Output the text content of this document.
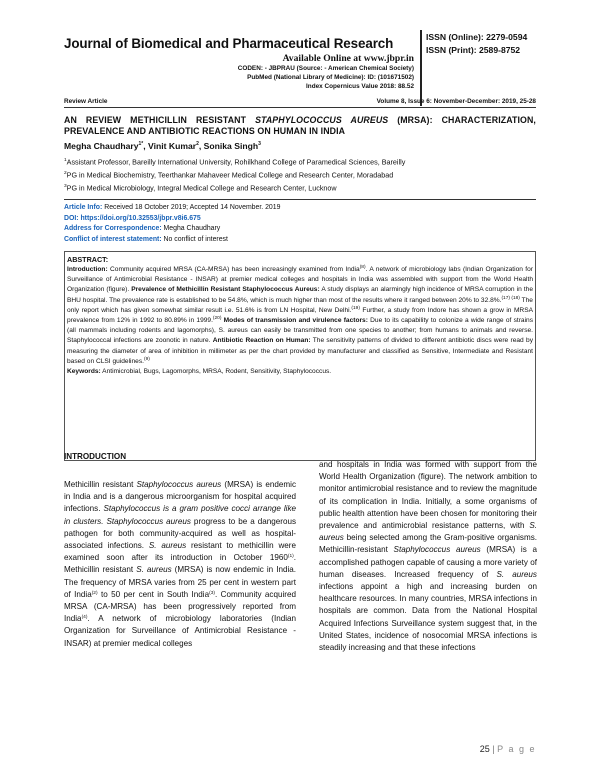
Journal of Biomedical and Pharmaceutical Research
Available Online at www.jbpr.in
CODEN: - JBPRAU (Source: - American Chemical Society)
PubMed (National Library of Medicine): ID: (101671502)
Index Copernicus Value 2018: 88.52
ISSN (Online): 2279-0594
ISSN (Print): 2589-8752
Review Article	Volume 8, Issue 6: November-December: 2019, 25-28
AN REVIEW METHICILLIN RESISTANT STAPHYLOCOCCUS AUREUS (MRSA): CHARACTERIZATION, PREVALENCE AND ANTIBIOTIC REACTIONS ON HUMAN IN INDIA
Megha Chaudhary$^{1*}$, Vinit Kumar$^2$, Sonika Singh$^3$
$^1$Assistant Professor, Bareilly International University, Rohilkhand College of Paramedical Sciences, Bareilly
$^2$PG in Medical Biochemistry, Teerthankar Mahaveer Medical College and Research Center, Moradabad
$^3$PG in Medical Microbiology, Integral Medical College and Research Center, Lucknow
Article Info: Received 18 October 2019; Accepted 14 November. 2019
DOI: https://doi.org/10.32553/jbpr.v8i6.675
Address for Correspondence: Megha Chaudhary
Conflict of interest statement: No conflict of interest
ABSTRACT:
Introduction: Community acquired MRSA (CA-MRSA) has been increasingly examined from India$^{(8)}$. A network of microbiology labs (Indian Organization for Surveillance of Antimicrobial Resistance - INSAR) at premier medical colleges and hospitals in India was assembled with support from the World Health Organization (figure). Prevalence of Methicillin Resistant Staphylococcus Aureus: A study displays an alarmingly high incidence of MRSA corruption in the BHU hospital. The prevalence rate is established to be 54.8%, which is much higher than most of the results where it ranged between 20% to 32.8%.$^{(17) (18)}$ The only report which has given somewhat similar result i.e. 51.6% is from LN Hospital, New Delhi.$^{(19)}$ Further, a study from Indore has shown a grow in MRSA prevalence from 12% in 1992 to 80.89% in 1999.$^{(20)}$ Modes of transmission and virulence factors: Due to its capability to colonize a wide range of strains (all mammals including rodents and lagomorphs), S. aureus can easily be transmitted from one species to another; from humans to animals and reverse. Staphylococcal infections are zoonotic in nature. Antibiotic Reaction on Human: The sensitivity patterns of divided to different antibiotic discs were read by measuring the diameter of area of inhibition in millimeter as per the chart provided by manufacturer and classified as Sensitive, Intermediate and Resistant based on CLSI guidelines.$^{(9)}$
Keywords: Antimicrobial, Bugs, Lagomorphs, MRSA, Rodent, Sensitivity, Staphylococcus.
INTRODUCTION

Methicillin resistant Staphylococcus aureus (MRSA) is endemic in India and is a dangerous microorganism for hospital acquired infections. Staphylococcus is a gram positive cocci arrange like in clusters. Staphylococcus aureus progress to be a dangerous pathogen for both community-acquired as well as hospital-associated infections. S. aureus resistant to methicillin were examined soon after its introduction in October 1960$^{(1)}$. Methicillin resistant S. aureus (MRSA) is now endemic in India. The frequency of MRSA varies from 25 per cent in western part of India$^{(2)}$ to 50 per cent in South India$^{(3)}$. Community acquired MRSA (CA-MRSA) has been progressively reported from India$^{(4)}$. A network of microbiology laboratories (Indian Organization for Surveillance of Antimicrobial Resistance - INSAR) at premier medical colleges

and hospitals in India was formed with support from the World Health Organization (figure). The network ambition to monitor antimicrobial resistance and to review the magnitude of its complication in India. Initially, a some organisms of public health attention have been chosen for monitoring their prevalence and antimicrobial resistance patterns, with S. aureus being selected among the Gram-positive organisms. Methicillin-resistant Staphylococcus aureus (MRSA) is a accomplished pathogen capable of causing a more variety of human diseases. Increased frequency of S. aureus infections appoint a high and increasing burden on healthcare resources. In many countries, MRSA infections in hospitals are common. Data from the National Hospital Acquired Infections Surveillance system suggest that, in the United States, incidence of nosocomial MRSA infections is steadily increasing and that these infections

25 | P a g e
